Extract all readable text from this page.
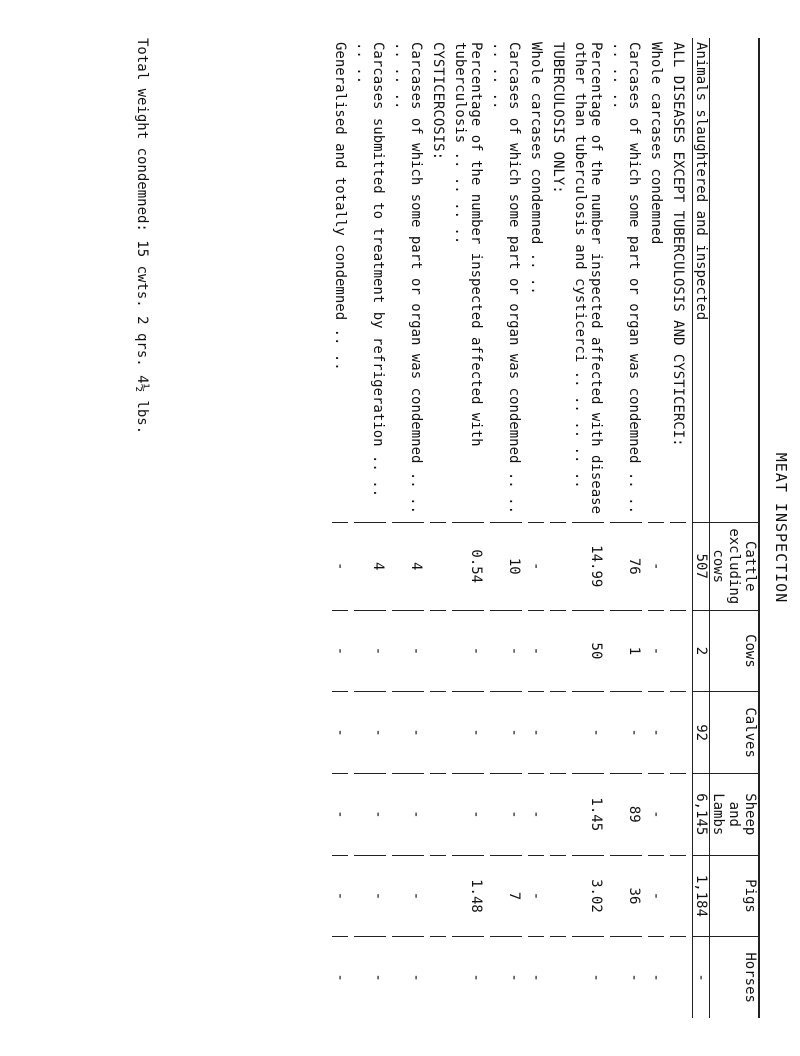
MEAT INSPECTION
	Cattle excluding cows	Cows	Calves	Sheep and Lambs	Pigs	Horses
Animals slaughtered and inspected	507	2	92	6,145	1,184	-

ALL DISEASES EXCEPT TUBERCULOSIS AND CYSTICERCI:						

Whole carcases condemned	-	-	-	-	-	-

Carcases of which some part or organ was condemned .. .. .. .. ..	76	1	-	89	36	-

Percentage of the number inspected affected with disease other than tuberculosis and cysticerci .. .. .. .. ..	14.99	50	-	1.45	3.02	-

TUBERCULOSIS ONLY:						

Whole carcases condemned .. ..	-	-	-	-	-	-

Carcases of which some part or organ was condemned .. .. .. .. ..	10	-	-	-	7	-

Percentage of the number inspected affected with tuberculosis .. .. .. ..	0.54	-	-	-	1.48	-

CYSTICERCOSIS:						

Carcases of which some part or organ was condemned .. .. .. .. ..	4	-	-	-	-	-

Carcases submitted to treatment by refrigeration .. .. .. ..	4	-	-	-	-	-

Generalised and totally condemned .. ..	-	-	-	-	-	-

Total weight condemned: 15 cwts. 2 qrs. 4½ lbs.
